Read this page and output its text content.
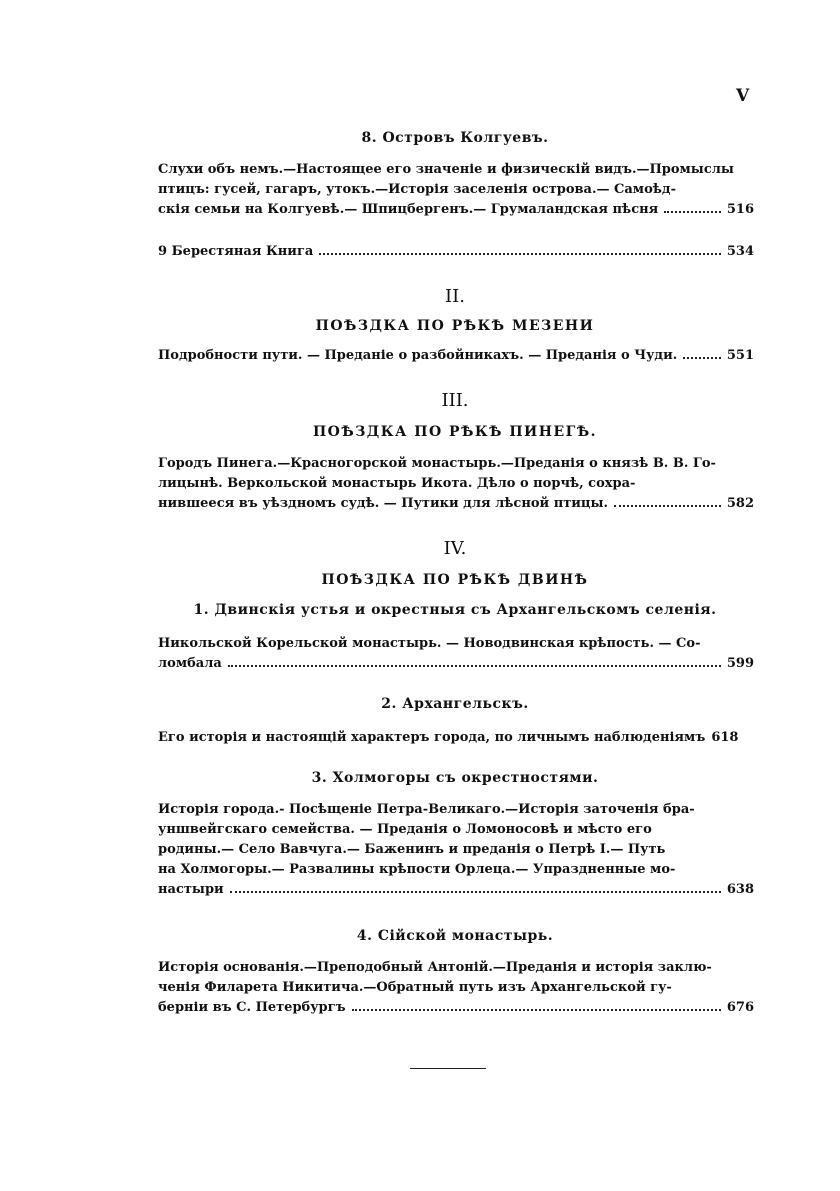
V
8. Островъ Колгуевъ.
Слухи объ немъ.—Настоящее его значеніе и физическій видъ.—Промыслы
птицъ: гусей, гагаръ, утокъ.—Исторія заселенія острова.— Самоѣд-
скія семьи на Колгуевѣ.— Шпицбергенъ.— Грумаландская пѣсня	516
9 Берестяная Книга	534
II.
ПОѢЗДКА ПО РѢКѢ МЕЗЕНИ
Подробности пути. — Преданіе о разбойникахъ. — Преданія о Чуди.	551
III.
ПОѢЗДКА ПО РѢКѢ ПИНЕГѢ.
Городъ Пинега.—Красногорской монастырь.—Преданія о князѣ В. В. Го-
лицынѣ. Веркольской монастырь Икота. Дѣло о порчѣ, сохра-
нившееся въ уѣздномъ судѣ. — Путики для лѣсной птицы.	582
IV.
ПОѢЗДКА ПО РѢКѢ ДВИНѢ
1. Двинскія устья и окрестныя съ Архангельскомъ селенія.
Никольской Корельской монастырь. — Новодвинская крѣпость. — Со-
ломбала	599
2. Архангельскъ.
Его исторія и настоящій характеръ города, по личнымъ наблюденіямъ 618
3. Холмогоры съ окрестностями.
Исторія города.- Посѣщеніе Петра-Великаго.—Исторія заточенія бра-
уншвейгскаго семейства. — Преданія о Ломоносовѣ и мѣсто его
родины.— Село Вавчуга.— Баженинъ и преданія о Петрѣ I.— Путь
на Холмогоры.— Развалины крѣпости Орлеца.— Упраздненные мо-
настыри	638
4. Сійской монастырь.
Исторія основанія.—Преподобный Антоній.—Преданія и исторія заклю-
ченія Филарета Никитича.—Обратный путь изъ Архангельской гу-
берніи въ С. Петербургъ	676
